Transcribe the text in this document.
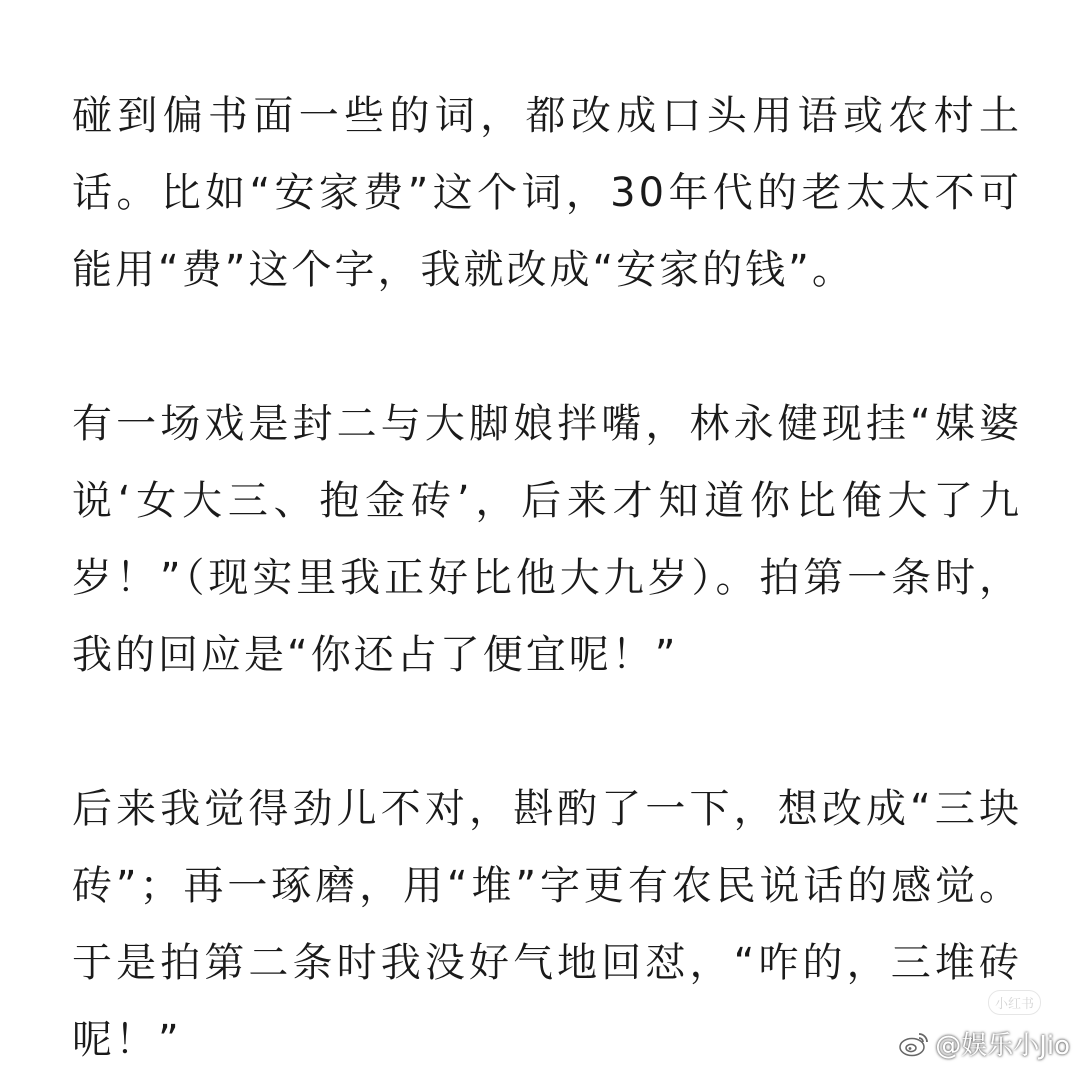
碰到偏书面一些的词，都改成口头用语或农村土话。比如“安家费”这个词，30年代的老太太不可能用“费”这个字，我就改成“安家的钱”。

有一场戏是封二与大脚娘拌嘴，林永健现挂“媒婆说‘女大三、抱金砖’，后来才知道你比俺大了九岁！”（现实里我正好比他大九岁）。拍第一条时，我的回应是“你还占了便宜呢！”

后来我觉得劲儿不对，斟酌了一下，想改成“三块砖”；再一琢磨，用“堆”字更有农民说话的感觉。于是拍第二条时我没好气地回怼，“咋的，三堆砖呢！”

小红书
@娱乐小Jio
